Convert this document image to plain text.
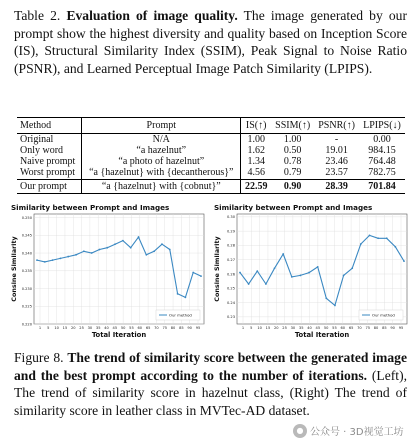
Table 2. Evaluation of image quality. The image generated by our prompt show the highest diversity and quality based on Inception Score (IS), Structural Similarity Index (SSIM), Peak Signal to Noise Ratio (PSNR), and Learned Perceptual Image Patch Similarity (LPIPS).
Method	Prompt	IS(↑)	SSIM(↑)	PSNR(↑)	LPIPS(↓)
Original	N/A	1.00	1.00	-	0.00
Only word	“a hazelnut”	1.62	0.50	19.01	984.15
Naive prompt	“a photo of hazelnut”	1.34	0.78	23.46	764.48
Worst prompt	“a {hazelnut} with {decantherous}”	4.56	0.79	23.57	782.75
Our prompt	“a {hazelnut} with {cobnut}”	22.59	0.90	28.39	701.84
Similarity between Prompt and Images
0.220
0.225
0.230
0.235
0.240
0.245
0.250
1 5 10 15 20 25 30 35 40 45 50 55 60 65 70 75 80 85 90 95
Our method
Total Iteration
Consine Similarity
Similarity between Prompt and Images
0.23
0.24
0.25
0.26
0.27
0.28
0.29
0.30
1 5 10 15 20 25 30 35 40 45 50 55 60 65 70 75 80 85 90 95
Our method
Total Iteration
Consine Similarity
Figure 8. The trend of similarity score between the generated image and the best prompt according to the number of iterations. (Left), The trend of similarity score in hazelnut class, (Right) The trend of similarity score in leather class in MVTec-AD dataset.
● 公众号 · 3D视觉工坊
